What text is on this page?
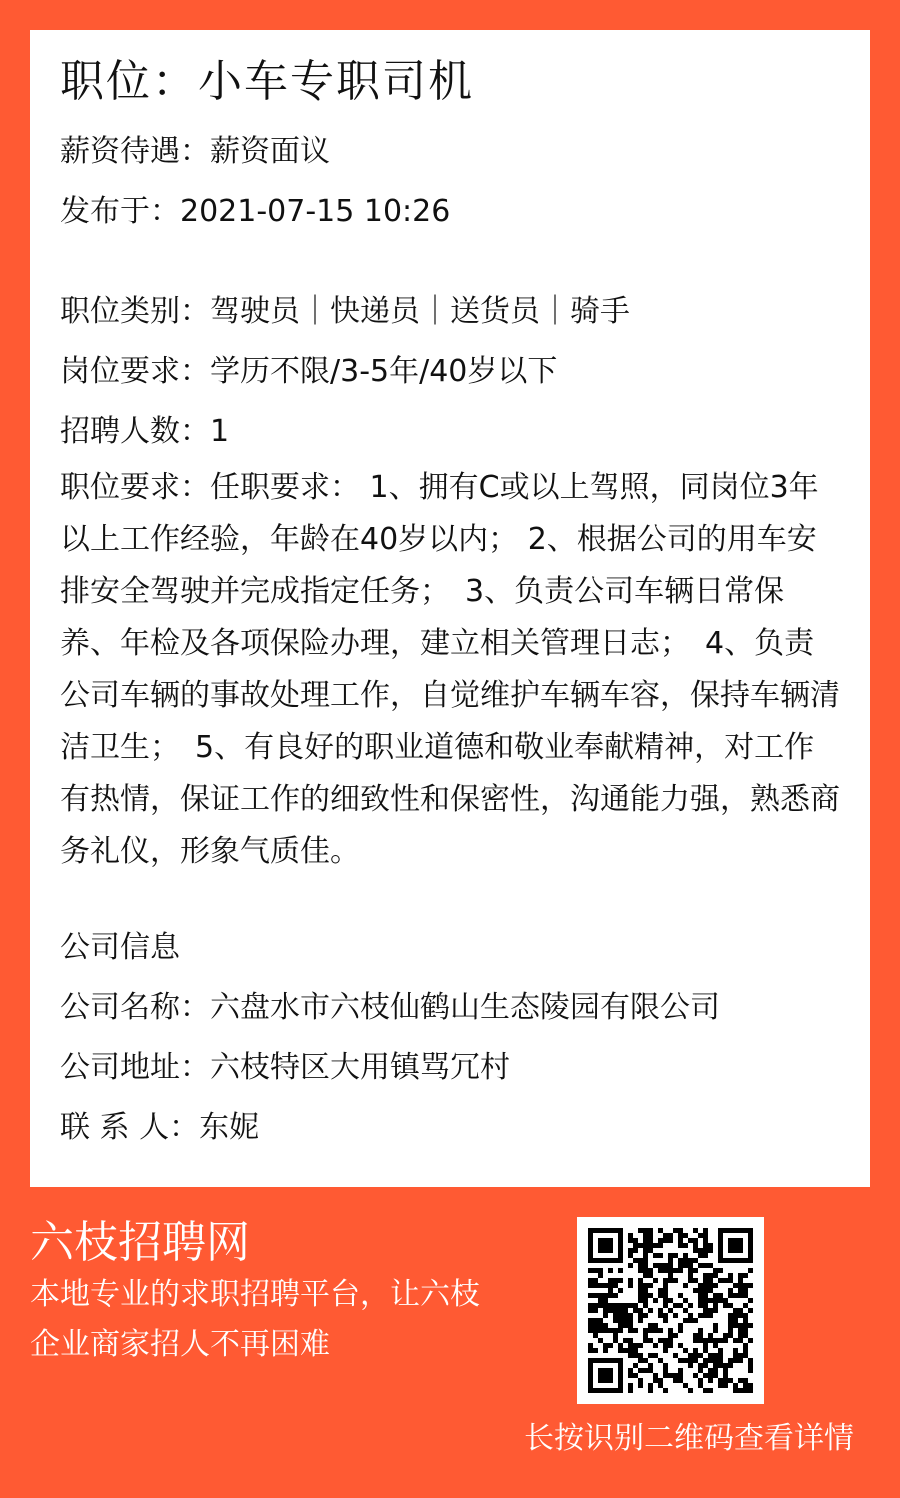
职位：小车专职司机
薪资待遇：薪资面议
发布于：2021-07-15 10:26
职位类别：驾驶员｜快递员｜送货员｜骑手
岗位要求：学历不限/3-5年/40岁以下
招聘人数：1
职位要求：任职要求： 1、拥有C或以上驾照，同岗位3年以上工作经验，年龄在40岁以内； 2、根据公司的用车安排安全驾驶并完成指定任务；　3、负责公司车辆日常保养、年检及各项保险办理，建立相关管理日志；　4、负责公司车辆的事故处理工作，自觉维护车辆车容，保持车辆清洁卫生；　5、有良好的职业道德和敬业奉献精神，对工作有热情，保证工作的细致性和保密性，沟通能力强，熟悉商务礼仪，形象气质佳。
公司信息
公司名称：六盘水市六枝仙鹤山生态陵园有限公司
公司地址：六枝特区大用镇骂冗村
联 系 人：东妮
六枝招聘网
本地专业的求职招聘平台，让六枝企业商家招人不再困难
长按识别二维码查看详情
